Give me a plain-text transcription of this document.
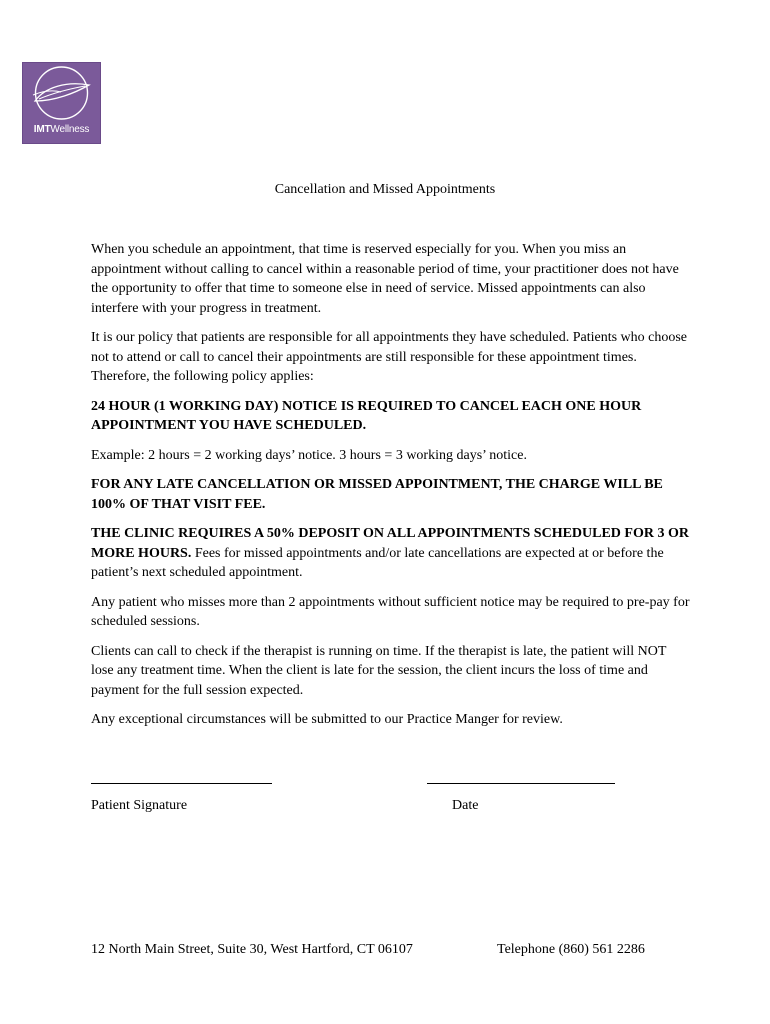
IMTWellness
Cancellation and Missed Appointments

When you schedule an appointment, that time is reserved especially for you. When you miss an appointment without calling to cancel within a reasonable period of time, your practitioner does not have the opportunity to offer that time to someone else in need of service. Missed appointments can also interfere with your progress in treatment.

It is our policy that patients are responsible for all appointments they have scheduled. Patients who choose not to attend or call to cancel their appointments are still responsible for these appointment times. Therefore, the following policy applies:

24 HOUR (1 WORKING DAY) NOTICE IS REQUIRED TO CANCEL EACH ONE HOUR APPOINTMENT YOU HAVE SCHEDULED.

Example: 2 hours = 2 working days’ notice. 3 hours = 3 working days’ notice.

FOR ANY LATE CANCELLATION OR MISSED APPOINTMENT, THE CHARGE WILL BE 100% OF THAT VISIT FEE.

THE CLINIC REQUIRES A 50% DEPOSIT ON ALL APPOINTMENTS SCHEDULED FOR 3 OR MORE HOURS. Fees for missed appointments and/or late cancellations are expected at or before the patient’s next scheduled appointment.

Any patient who misses more than 2 appointments without sufficient notice may be required to pre-pay for scheduled sessions.

Clients can call to check if the therapist is running on time. If the therapist is late, the patient will NOT lose any treatment time. When the client is late for the session, the client incurs the loss of time and payment for the full session expected.

Any exceptional circumstances will be submitted to our Practice Manger for review.

Patient Signature	Date
12 North Main Street, Suite 30, West Hartford, CT 06107	Telephone (860) 561 2286
